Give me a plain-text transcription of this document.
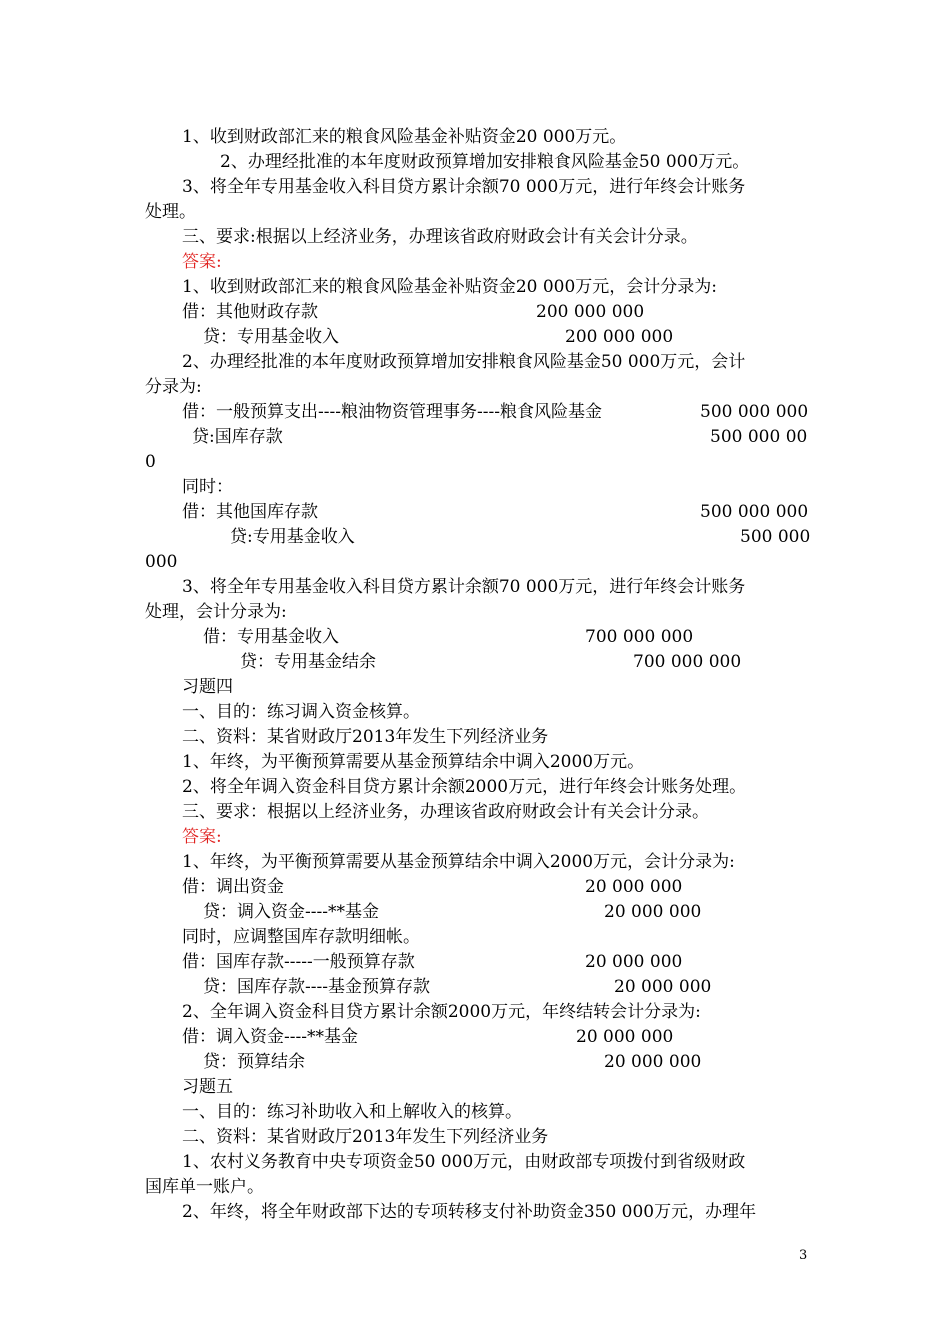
1、收到财政部汇来的粮食风险基金补贴资金20 000万元。
2、办理经批准的本年度财政预算增加安排粮食风险基金50 000万元。
3、将全年专用基金收入科目贷方累计余额70 000万元，进行年终会计账务
处理。
三、要求:根据以上经济业务，办理该省政府财政会计有关会计分录。
答案:
1、收到财政部汇来的粮食风险基金补贴资金20 000万元，会计分录为:
借：其他财政存款	200 000 000
贷：专用基金收入	200 000 000
2、办理经批准的本年度财政预算增加安排粮食风险基金50 000万元，会计
分录为:
借：一般预算支出----粮油物资管理事务----粮食风险基金	500 000 000
贷:国库存款	500 000 00
0
同时：
借：其他国库存款	500 000 000
贷:专用基金收入	500 000
000
3、将全年专用基金收入科目贷方累计余额70 000万元，进行年终会计账务
处理，会计分录为:
借：专用基金收入	700 000 000
贷：专用基金结余	700 000 000
习题四
一、目的：练习调入资金核算。
二、资料：某省财政厅2013年发生下列经济业务
1、年终，为平衡预算需要从基金预算结余中调入2000万元。
2、将全年调入资金科目贷方累计余额2000万元，进行年终会计账务处理。
三、要求：根据以上经济业务，办理该省政府财政会计有关会计分录。
答案:
1、年终，为平衡预算需要从基金预算结余中调入2000万元，会计分录为:
借：调出资金	20 000 000
贷：调入资金----**基金	20 000 000
同时，应调整国库存款明细帐。
借：国库存款-----一般预算存款	20 000 000
贷：国库存款----基金预算存款	20 000 000
2、全年调入资金科目贷方累计余额2000万元，年终结转会计分录为:
借：调入资金----**基金	20 000 000
贷：预算结余	20 000 000
习题五
一、目的：练习补助收入和上解收入的核算。
二、资料：某省财政厅2013年发生下列经济业务
1、农村义务教育中央专项资金50 000万元，由财政部专项拨付到省级财政
国库单一账户。
2、年终，将全年财政部下达的专项转移支付补助资金350 000万元，办理年
3
